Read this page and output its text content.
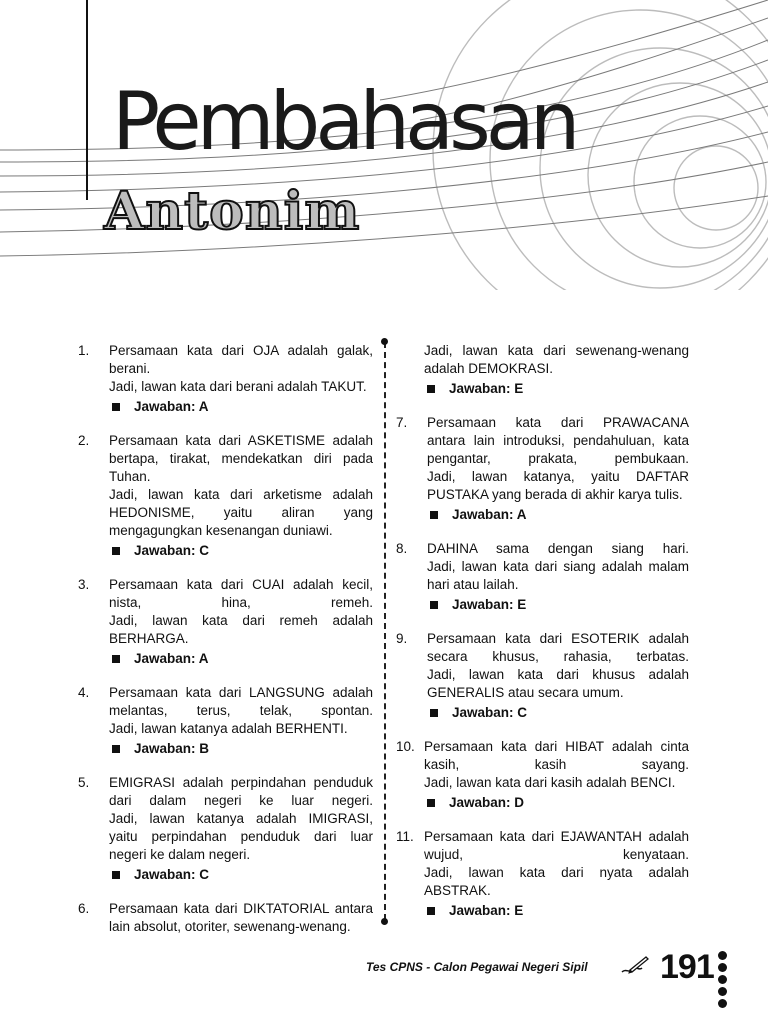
Pembahasan
Antonim
1.	Persamaan kata dari OJA adalah galak,
berani.
Jadi, lawan kata dari berani adalah TAKUT.
Jawaban: A
2.	Persamaan kata dari ASKETISME adalah
bertapa, tirakat, mendekatkan diri pada
Tuhan.
Jadi, lawan kata dari arketisme adalah
HEDONISME, yaitu aliran yang
mengagungkan kesenangan duniawi.
Jawaban: C
3.	Persamaan kata dari CUAI adalah kecil,
nista, hina, remeh.
Jadi, lawan kata dari remeh adalah
BERHARGA.
Jawaban: A
4.	Persamaan kata dari LANGSUNG adalah
melantas, terus, telak, spontan.
Jadi, lawan katanya adalah BERHENTI.
Jawaban: B
5.	EMIGRASI adalah perpindahan penduduk
dari dalam negeri ke luar negeri.
Jadi, lawan katanya adalah IMIGRASI,
yaitu perpindahan penduduk dari luar
negeri ke dalam negeri.
Jawaban: C
6.	Persamaan kata dari DIKTATORIAL antara
lain absolut, otoriter, sewenang-wenang.
Jadi, lawan kata dari sewenang-wenang
adalah DEMOKRASI.
Jawaban: E
7.	Persamaan kata dari PRAWACANA
antara lain introduksi, pendahuluan, kata
pengantar, prakata, pembukaan.
Jadi, lawan katanya, yaitu DAFTAR
PUSTAKA yang berada di akhir karya tulis.
Jawaban: A
8.	DAHINA sama dengan siang hari.
Jadi, lawan kata dari siang adalah malam
hari atau lailah.
Jawaban: E
9.	Persamaan kata dari ESOTERIK adalah
secara khusus, rahasia, terbatas.
Jadi, lawan kata dari khusus adalah
GENERALIS atau secara umum.
Jawaban: C
10. Persamaan kata dari HIBAT adalah cinta
kasih, kasih sayang.
Jadi, lawan kata dari kasih adalah BENCI.
Jawaban: D
11. Persamaan kata dari EJAWANTAH adalah
wujud, kenyataan.
Jadi, lawan kata dari nyata adalah
ABSTRAK.
Jawaban: E
Tes CPNS - Calon Pegawai Negeri Sipil 191
